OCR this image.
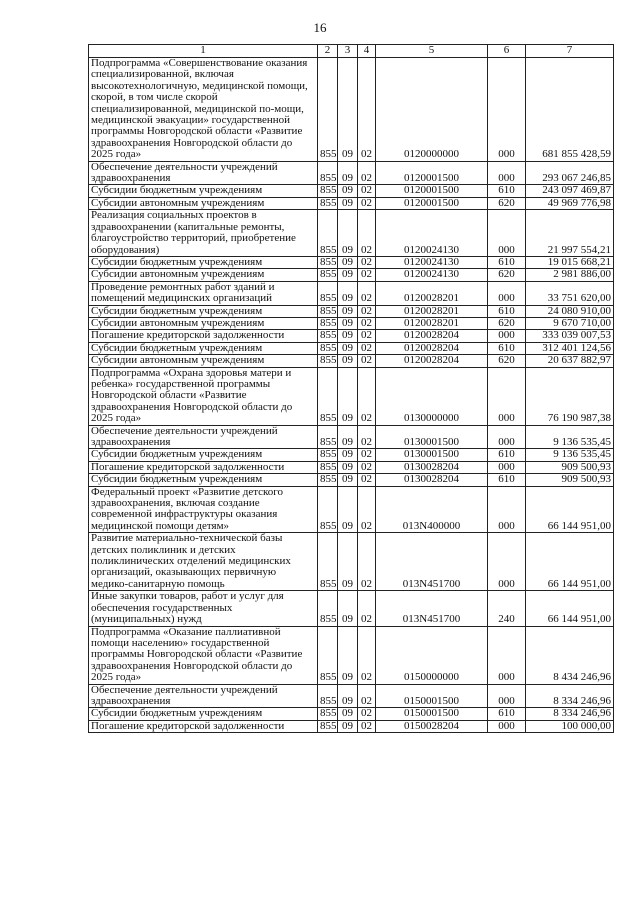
16
1	2	3	4	5	6	7
Подпрограмма «Совершенствование оказания специализированной, включая высокотехнологичную, медицинской помощи, скорой, в том числе скорой специализированной, медицинской по-мощи, медицинской эвакуации» государственной программы Новгородской области «Развитие здравоохранения Новгородской области до 2025 года»	855	09	02	0120000000	000	681 855 428,59
Обеспечение деятельности учреждений здравоохранения	855	09	02	0120001500	000	293 067 246,85
Субсидии бюджетным учреждениям	855	09	02	0120001500	610	243 097 469,87
Субсидии автономным учреждениям	855	09	02	0120001500	620	49 969 776,98
Реализация социальных проектов в здравоохранении (капитальные ремонты, благоустройство территорий, приобретение оборудования)	855	09	02	0120024130	000	21 997 554,21
Субсидии бюджетным учреждениям	855	09	02	0120024130	610	19 015 668,21
Субсидии автономным учреждениям	855	09	02	0120024130	620	2 981 886,00
Проведение ремонтных работ зданий и помещений медицинских организаций	855	09	02	0120028201	000	33 751 620,00
Субсидии бюджетным учреждениям	855	09	02	0120028201	610	24 080 910,00
Субсидии автономным учреждениям	855	09	02	0120028201	620	9 670 710,00
Погашение кредиторской задолженности	855	09	02	0120028204	000	333 039 007,53
Субсидии бюджетным учреждениям	855	09	02	0120028204	610	312 401 124,56
Субсидии автономным учреждениям	855	09	02	0120028204	620	20 637 882,97
Подпрограмма «Охрана здоровья матери и ребенка» государственной программы Новгородской области «Развитие здравоохранения Новгородской области до 2025 года»	855	09	02	0130000000	000	76 190 987,38
Обеспечение деятельности учреждений здравоохранения	855	09	02	0130001500	000	9 136 535,45
Субсидии бюджетным учреждениям	855	09	02	0130001500	610	9 136 535,45
Погашение кредиторской задолженности	855	09	02	0130028204	000	909 500,93
Субсидии бюджетным учреждениям	855	09	02	0130028204	610	909 500,93
Федеральный проект «Развитие детского здравоохранения, включая создание современной инфраструктуры оказания медицинской помощи детям»	855	09	02	013N400000	000	66 144 951,00
Развитие материально-технической базы детских поликлиник и детских поликлинических отделений медицинских организаций, оказывающих первичную медико-санитарную помощь	855	09	02	013N451700	000	66 144 951,00
Иные закупки товаров, работ и услуг для обеспечения государственных (муниципальных) нужд	855	09	02	013N451700	240	66 144 951,00
Подпрограмма «Оказание паллиативной помощи населению» государственной программы Новгородской области «Развитие здравоохранения Новгородской области до 2025 года»	855	09	02	0150000000	000	8 434 246,96
Обеспечение деятельности учреждений здравоохранения	855	09	02	0150001500	000	8 334 246,96
Субсидии бюджетным учреждениям	855	09	02	0150001500	610	8 334 246,96
Погашение кредиторской задолженности	855	09	02	0150028204	000	100 000,00
